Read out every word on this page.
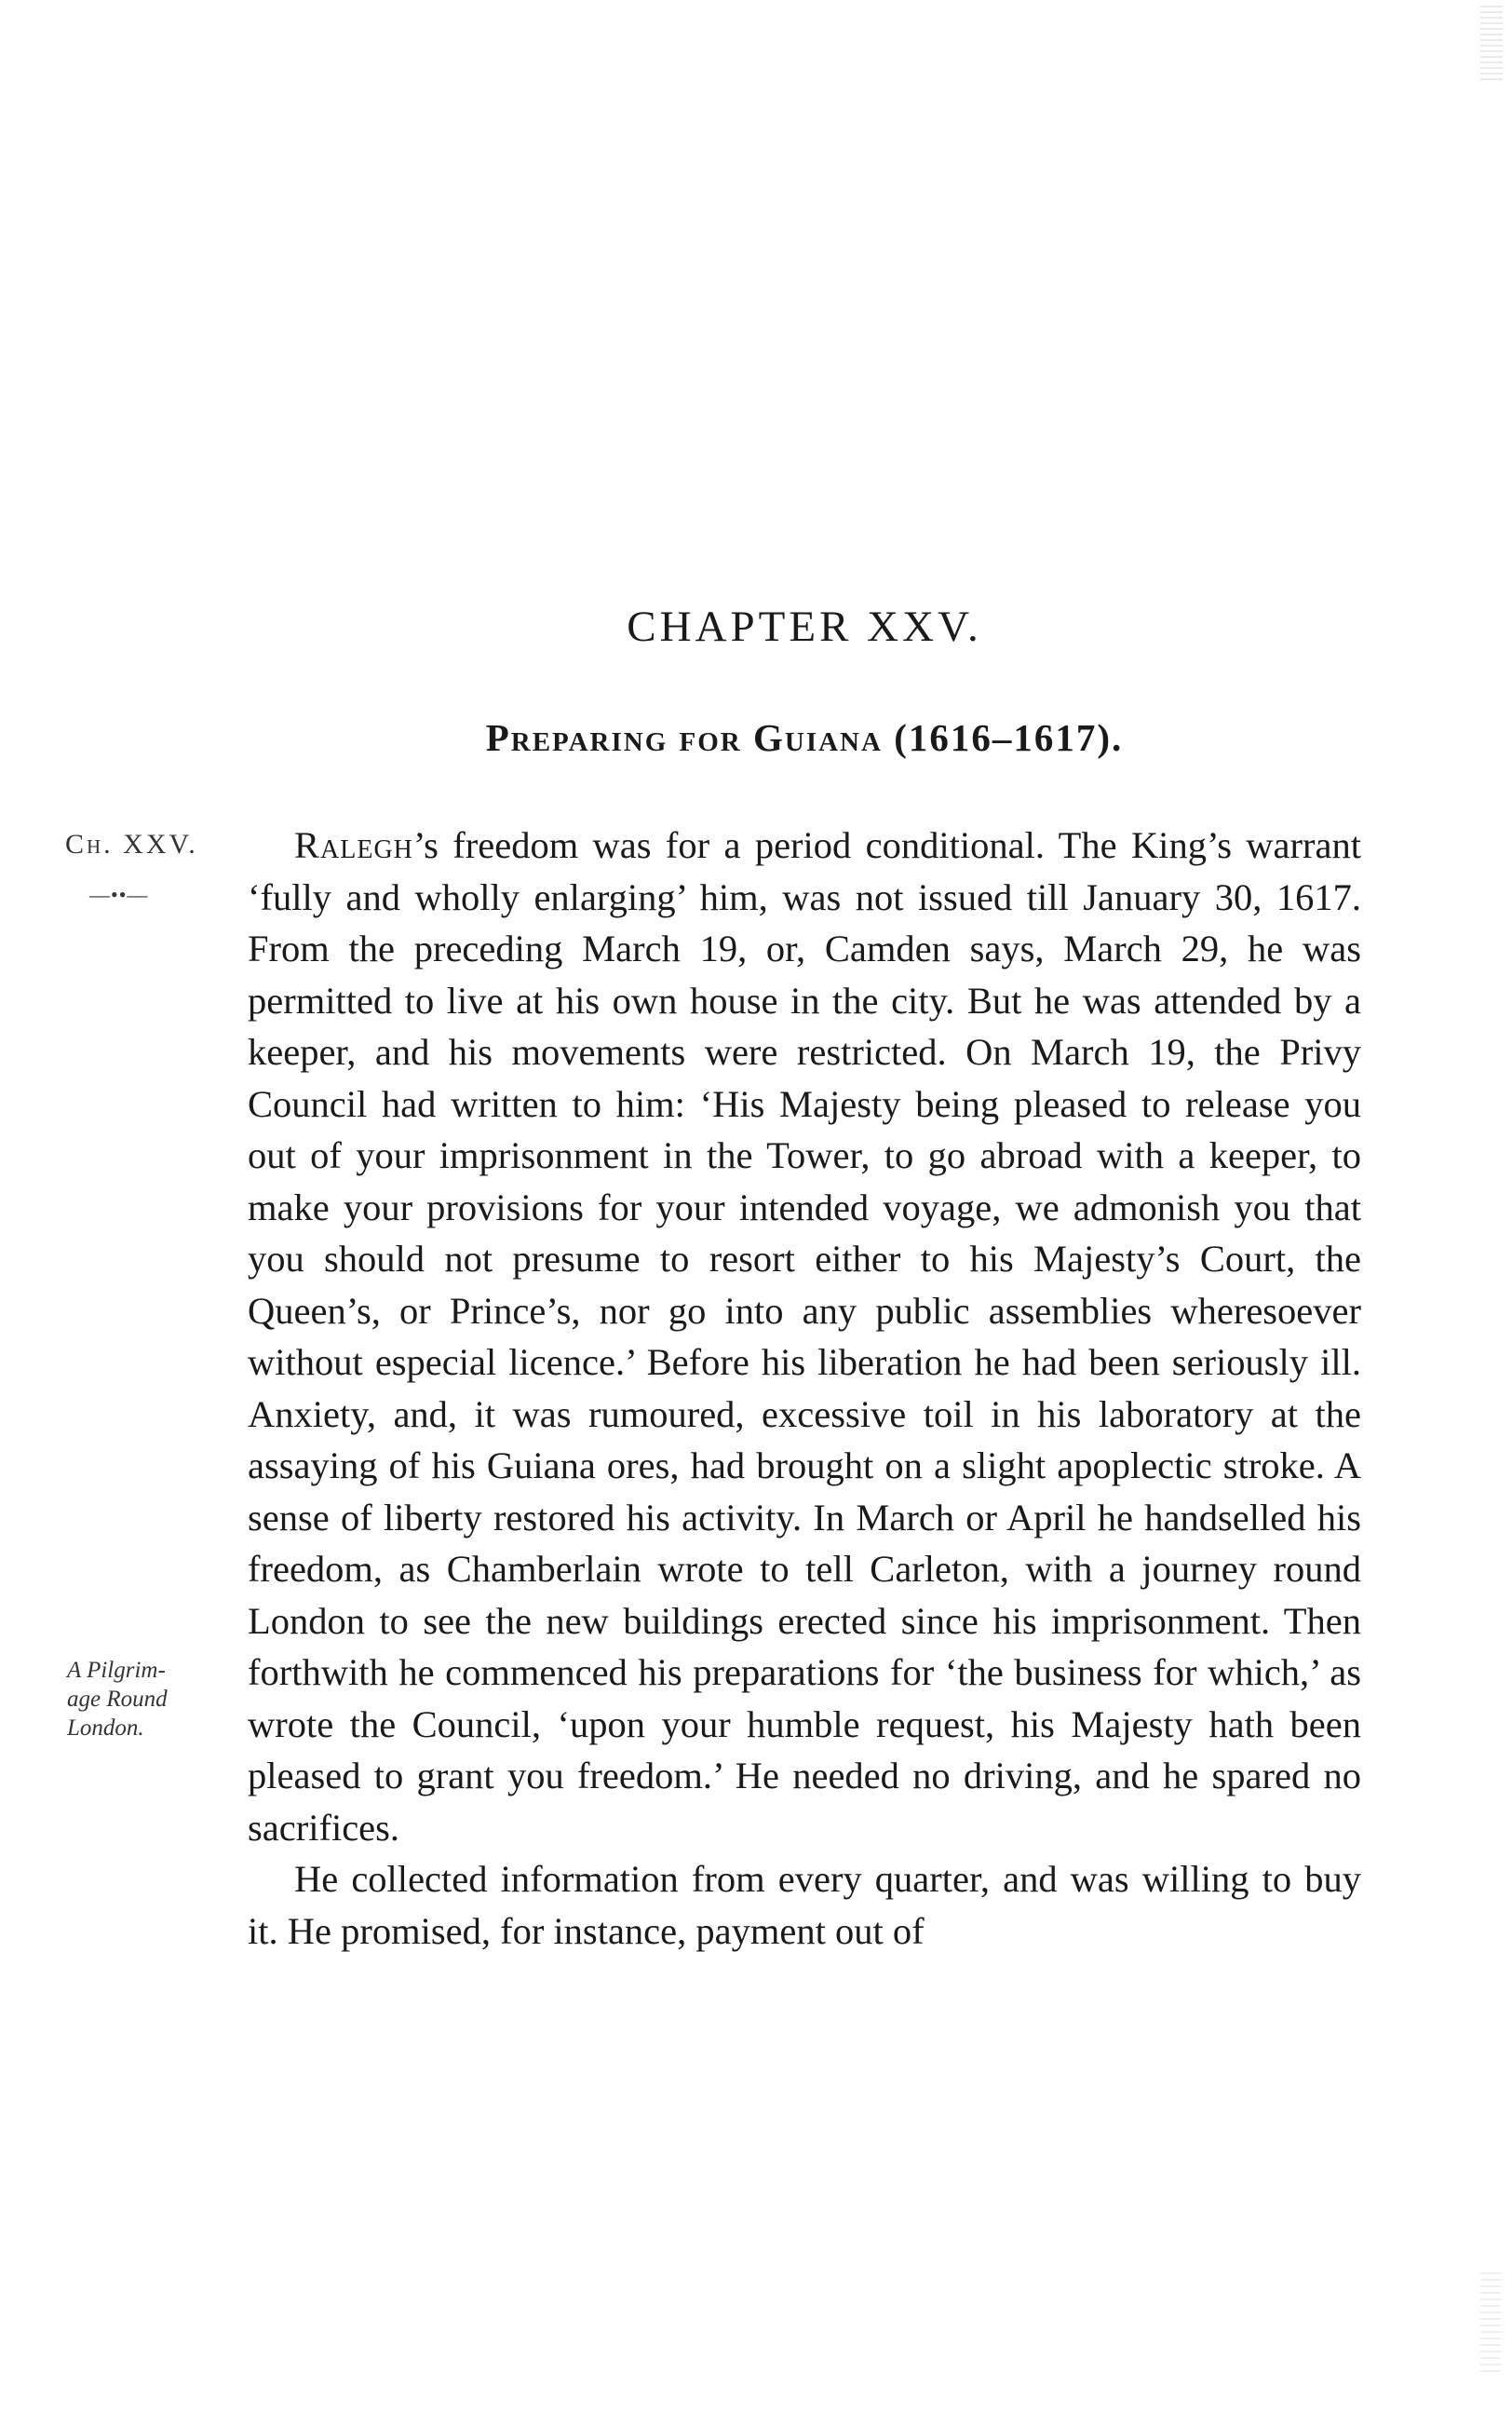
CHAPTER XXV.
Preparing for Guiana (1616–1617).
Ch. XXV.
—••—
A Pilgrim-
age Round
London.

Ralegh’s freedom was for a period conditional. The King’s warrant ‘fully and wholly enlarging’ him, was not issued till January 30, 1617. From the preceding March 19, or, Camden says, March 29, he was permitted to live at his own house in the city. But he was attended by a keeper, and his movements were restricted. On March 19, the Privy Council had written to him: ‘His Majesty being pleased to release you out of your imprisonment in the Tower, to go abroad with a keeper, to make your provisions for your intended voyage, we admonish you that you should not presume to resort either to his Majesty’s Court, the Queen’s, or Prince’s, nor go into any public assemblies wheresoever without especial licence.’ Before his liberation he had been seriously ill. Anxiety, and, it was rumoured, excessive toil in his laboratory at the assaying of his Guiana ores, had brought on a slight apoplectic stroke. A sense of liberty restored his activity. In March or April he handselled his freedom, as Chamberlain wrote to tell Carleton, with a journey round London to see the new buildings erected since his imprisonment. Then forthwith he commenced his preparations for ‘the business for which,’ as wrote the Council, ‘upon your humble request, his Majesty hath been pleased to grant you freedom.’ He needed no driving, and he spared no sacrifices.

He collected information from every quarter, and was willing to buy it. He promised, for instance, payment out of
